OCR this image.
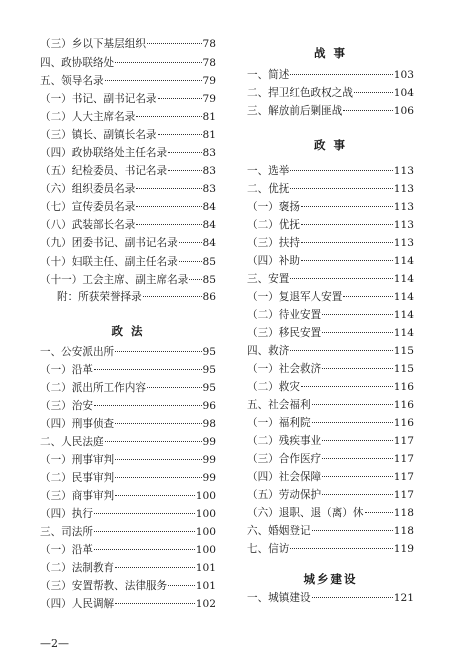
（三）乡以下基层组织	78
四、政协联络处	78
五、领导名录	79
（一）书记、副书记名录	79
（二）人大主席名录	81
（三）镇长、副镇长名录	81
（四）政协联络处主任名录	83
（五）纪检委员、书记名录	83
（六）组织委员名录	83
（七）宣传委员名录	84
（八）武装部长名录	84
（九）团委书记、副书记名录 84
（十）妇联主任、副主任名录 85
（十一）工会主席、副主席名录 85
附：所获荣誉择录	86
政 法
一、公安派出所	95
（一）沿革	95
（二）派出所工作内容	95
（三）治安	96
（四）刑事侦查	98
二、人民法庭	99
（一）刑事审判	99
（二）民事审判	99
（三）商事审判	100
（四）执行	100
三、司法所	100
（一）沿革	100
（二）法制教育	101
（三）安置帮教、法律服务	101
（四）人民调解	102
战 事
一、简述	103
二、捍卫红色政权之战	104
三、解放前后剿匪战	106
政 事
一、选举	113
二、优抚	113
（一）褒扬	113
（二）优抚	113
（三）扶持	113
（四）补助	114
三、安置	114
（一）复退军人安置	114
（二）待业安置	114
（三）移民安置	114
四、救济	115
（一）社会救济	115
（二）救灾	116
五、社会福利	116
（一）福利院	116
（二）残疾事业	117
（三）合作医疗	117
（四）社会保障	117
（五）劳动保护	117
（六）退职、退（离）休	118
六、婚姻登记	118
七、信访	119
城乡建设
一、城镇建设	121
—2—
